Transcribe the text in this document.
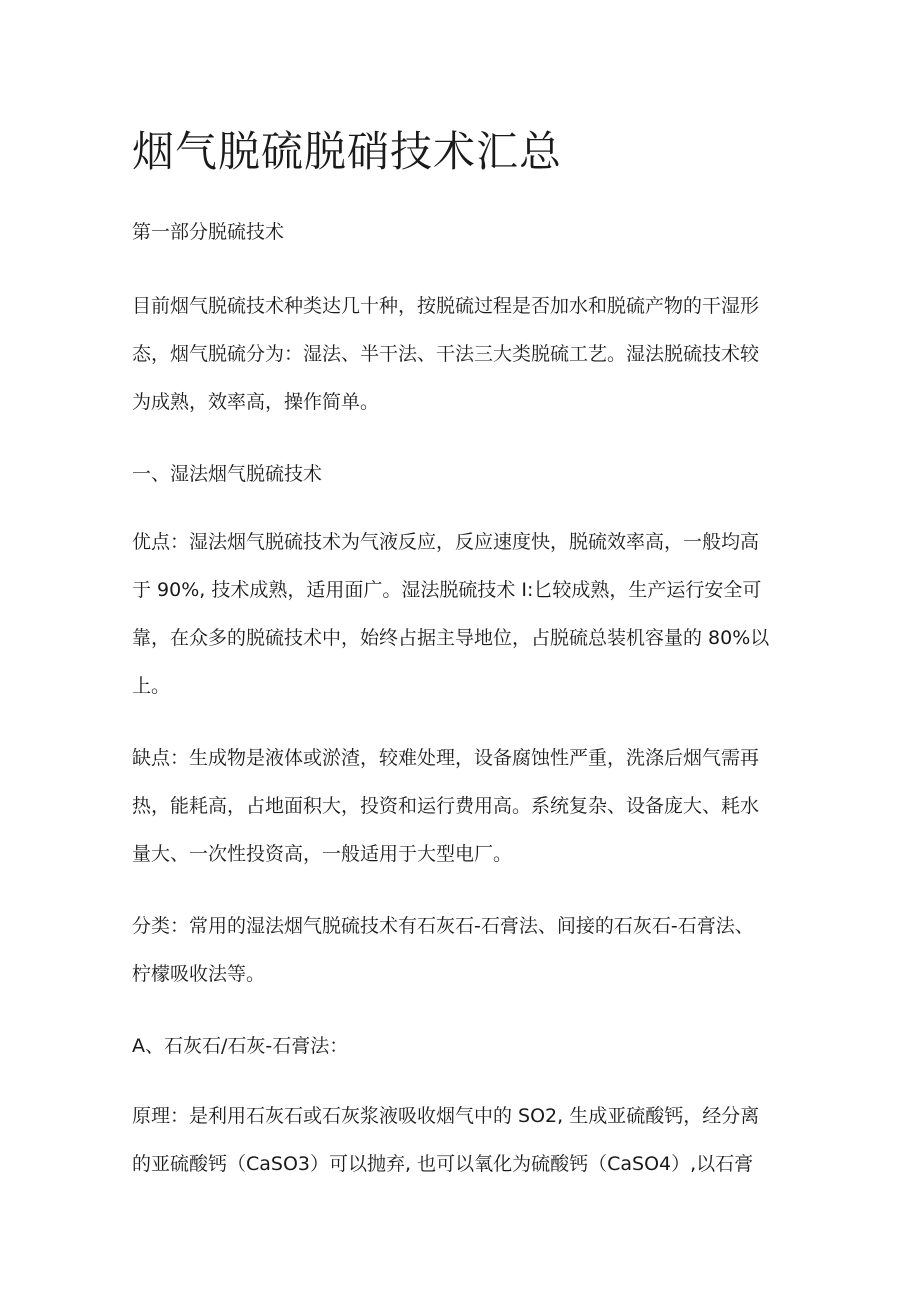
烟气脱硫脱硝技术汇总
第一部分脱硫技术
目前烟气脱硫技术种类达几十种，按脱硫过程是否加水和脱硫产物的干湿形
态，烟气脱硫分为：湿法、半干法、干法三大类脱硫工艺。湿法脱硫技术较
为成熟，效率高，操作简单。
一、湿法烟气脱硫技术
优点：湿法烟气脱硫技术为气液反应，反应速度快，脱硫效率高，一般均高
于 90%, 技术成熟，适用面广。湿法脱硫技术 I:匕较成熟，生产运行安全可
靠，在众多的脱硫技术中，始终占据主导地位，占脱硫总装机容量的 80%以
上。
缺点：生成物是液体或淤渣，较难处理，设备腐蚀性严重，洗涤后烟气需再
热，能耗高，占地面积大，投资和运行费用高。系统复杂、设备庞大、耗水
量大、一次性投资高，一般适用于大型电厂。
分类：常用的湿法烟气脱硫技术有石灰石-石膏法、间接的石灰石-石膏法、
柠檬吸收法等。
A、石灰石/石灰-石膏法：
原理：是利用石灰石或石灰浆液吸收烟气中的 SO2, 生成亚硫酸钙，经分离
的亚硫酸钙（CaSO3）可以抛弃, 也可以氧化为硫酸钙（CaSO4）,以石膏
